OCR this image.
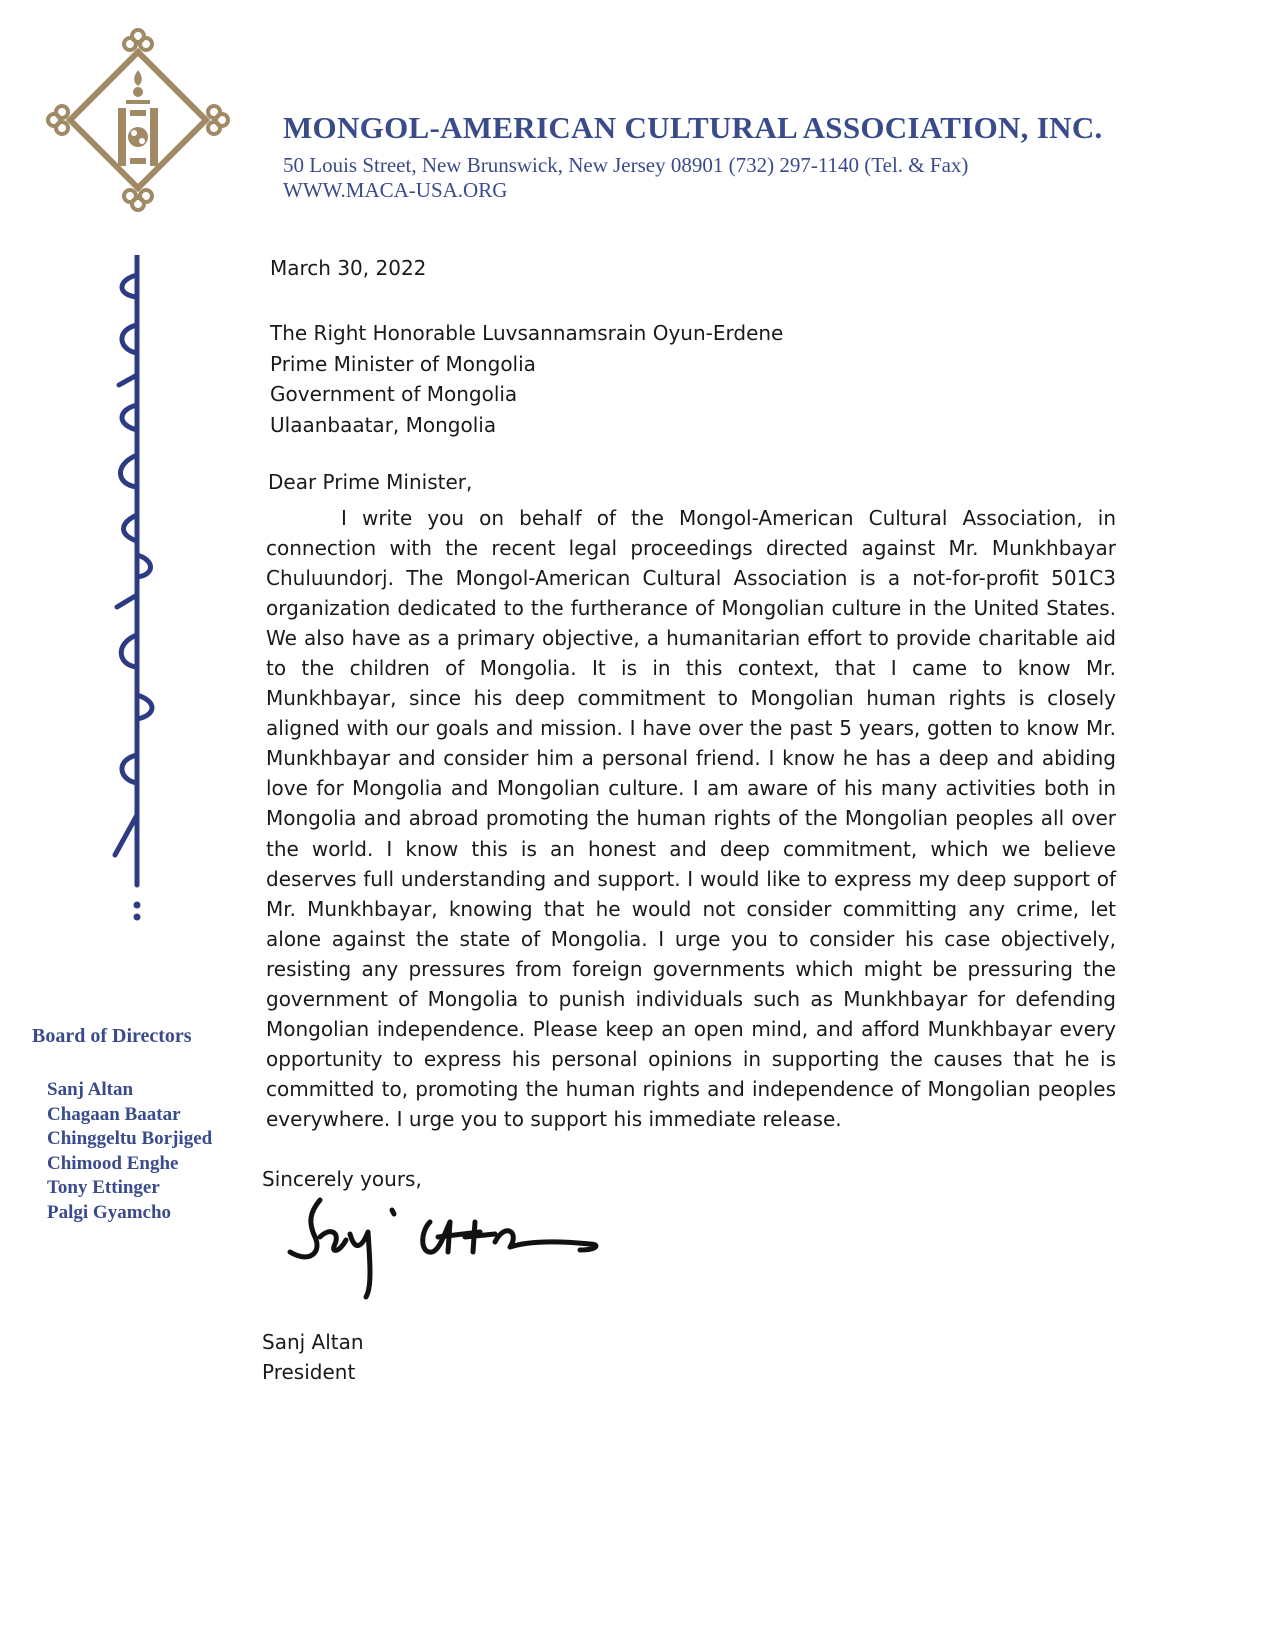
MONGOL-AMERICAN CULTURAL ASSOCIATION, INC.
50 Louis Street, New Brunswick, New Jersey 08901 (732) 297-1140 (Tel. & Fax)
WWW.MACA-USA.ORG
Board of Directors
Sanj Altan
Chagaan Baatar
Chinggeltu Borjiged
Chimood Enghe
Tony Ettinger
Palgi Gyamcho

March 30, 2022

The Right Honorable Luvsannamsrain Oyun-Erdene
Prime Minister of Mongolia
Government of Mongolia
Ulaanbaatar, Mongolia

Dear Prime Minister,

I write you on behalf of the Mongol-American Cultural Association, in connection with the recent legal proceedings directed against Mr. Munkhbayar Chuluundorj. The Mongol-American Cultural Association is a not-for-profit 501C3 organization dedicated to the furtherance of Mongolian culture in the United States. We also have as a primary objective, a humanitarian effort to provide charitable aid to the children of Mongolia. It is in this context, that I came to know Mr. Munkhbayar, since his deep commitment to Mongolian human rights is closely aligned with our goals and mission. I have over the past 5 years, gotten to know Mr. Munkhbayar and consider him a personal friend. I know he has a deep and abiding love for Mongolia and Mongolian culture. I am aware of his many activities both in Mongolia and abroad promoting the human rights of the Mongolian peoples all over the world. I know this is an honest and deep commitment, which we believe deserves full understanding and support. I would like to express my deep support of Mr. Munkhbayar, knowing that he would not consider committing any crime, let alone against the state of Mongolia. I urge you to consider his case objectively, resisting any pressures from foreign governments which might be pressuring the government of Mongolia to punish individuals such as Munkhbayar for defending Mongolian independence. Please keep an open mind, and afford Munkhbayar every opportunity to express his personal opinions in supporting the causes that he is committed to, promoting the human rights and independence of Mongolian peoples everywhere. I urge you to support his immediate release.

Sincerely yours,

Sanj Altan

President
